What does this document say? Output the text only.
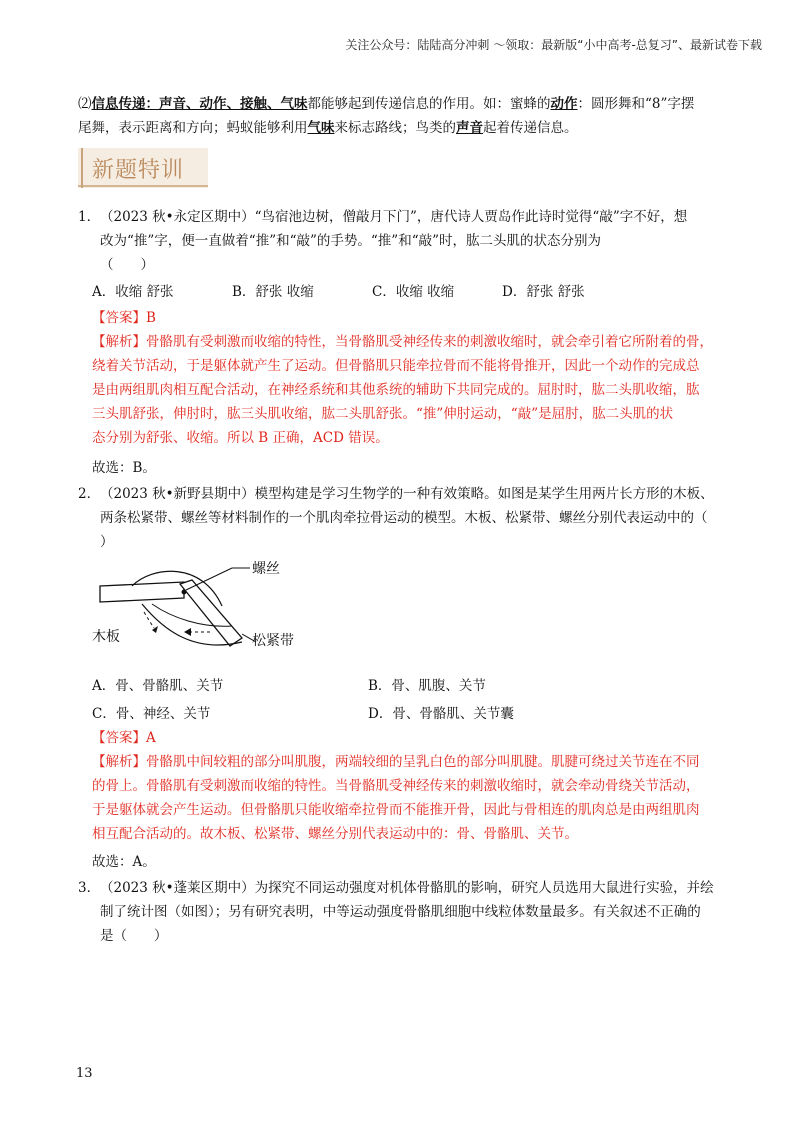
关注公众号：陆陆高分冲刺 ～领取：最新版“小中高考-总复习”、最新试卷下载
⑵信息传递：声音、动作、接触、气味都能够起到传递信息的作用。如：蜜蜂的动作：圆形舞和“8”字摆
尾舞，表示距离和方向；蚂蚁能够利用气味来标志路线；鸟类的声音起着传递信息。
新题特训
1．（2023 秋•永定区期中）“鸟宿池边树，僧敲月下门”，唐代诗人贾岛作此诗时觉得“敲”字不好，想
改为“推”字，便一直做着“推”和“敲”的手势。“推”和“敲”时，肱二头肌的状态分别为
（　　）
A．收缩 舒张	B．舒张 收缩	C．收缩 收缩	D．舒张 舒张
【答案】B
【解析】骨骼肌有受刺激而收缩的特性，当骨骼肌受神经传来的刺激收缩时，就会牵引着它所附着的骨，
绕着关节活动，于是躯体就产生了运动。但骨骼肌只能牵拉骨而不能将骨推开，因此一个动作的完成总
是由两组肌肉相互配合活动，在神经系统和其他系统的辅助下共同完成的。屈肘时，肱二头肌收缩，肱
三头肌舒张，伸肘时，肱三头肌收缩，肱二头肌舒张。“推”伸肘运动，“敲”是屈肘，肱二头肌的状
态分别为舒张、收缩。所以 B 正确，ACD 错误。
故选：B。
2．（2023 秋•新野县期中）模型构建是学习生物学的一种有效策略。如图是某学生用两片长方形的木板、
两条松紧带、螺丝等材料制作的一个肌肉牵拉骨运动的模型。木板、松紧带、螺丝分别代表运动中的（
）
螺丝
木板	松紧带
A．骨、骨骼肌、关节	B．骨、肌腹、关节
C．骨、神经、关节	D．骨、骨骼肌、关节囊
【答案】A
【解析】骨骼肌中间较粗的部分叫肌腹，两端较细的呈乳白色的部分叫肌腱。肌腱可绕过关节连在不同
的骨上。骨骼肌有受刺激而收缩的特性。当骨骼肌受神经传来的刺激收缩时，就会牵动骨绕关节活动，
于是躯体就会产生运动。但骨骼肌只能收缩牵拉骨而不能推开骨，因此与骨相连的肌肉总是由两组肌肉
相互配合活动的。故木板、松紧带、螺丝分别代表运动中的：骨、骨骼肌、关节。
故选：A。
3．（2023 秋•蓬莱区期中）为探究不同运动强度对机体骨骼肌的影响，研究人员选用大鼠进行实验，并绘
制了统计图（如图）；另有研究表明，中等运动强度骨骼肌细胞中线粒体数量最多。有关叙述不正确的
是（　　）
13
